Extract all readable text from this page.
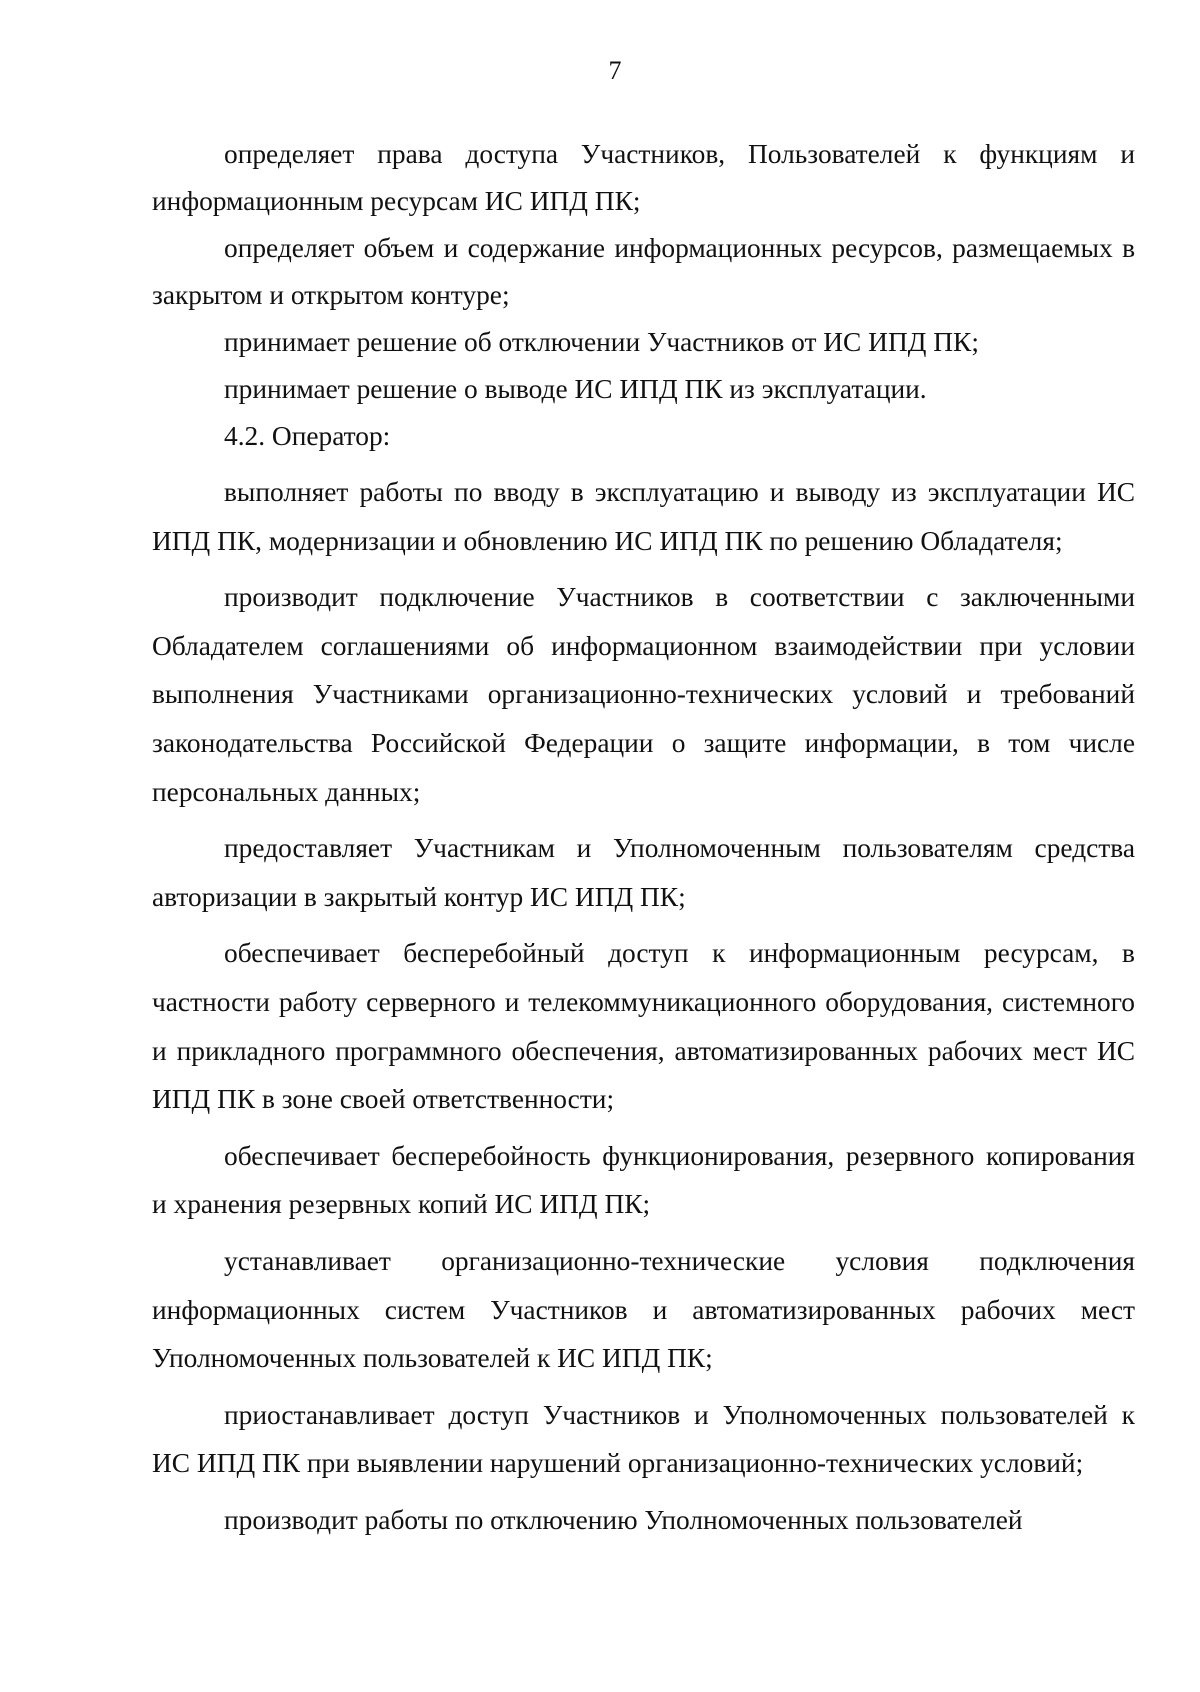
7

определяет права доступа Участников, Пользователей к функциям и информационным ресурсам ИС ИПД ПК;

определяет объем и содержание информационных ресурсов, размещаемых в закрытом и открытом контуре;

принимает решение об отключении Участников от ИС ИПД ПК;

принимает решение о выводе ИС ИПД ПК из эксплуатации.

4.2. Оператор:

выполняет работы по вводу в эксплуатацию и выводу из эксплуатации ИС ИПД ПК, модернизации и обновлению ИС ИПД ПК по решению Обладателя;

производит подключение Участников в соответствии с заключенными Обладателем соглашениями об информационном взаимодействии при условии выполнения Участниками организационно-технических условий и требований законодательства Российской Федерации о защите информации, в том числе персональных данных;

предоставляет Участникам и Уполномоченным пользователям средства авторизации в закрытый контур ИС ИПД ПК;

обеспечивает бесперебойный доступ к информационным ресурсам, в частности работу серверного и телекоммуникационного оборудования, системного и прикладного программного обеспечения, автоматизированных рабочих мест ИС ИПД ПК в зоне своей ответственности;

обеспечивает бесперебойность функционирования, резервного копирования и хранения резервных копий ИС ИПД ПК;

устанавливает организационно-технические условия подключения информационных систем Участников и автоматизированных рабочих мест Уполномоченных пользователей к ИС ИПД ПК;

приостанавливает доступ Участников и Уполномоченных пользователей к ИС ИПД ПК при выявлении нарушений организационно-технических условий;

производит работы по отключению Уполномоченных пользователей
